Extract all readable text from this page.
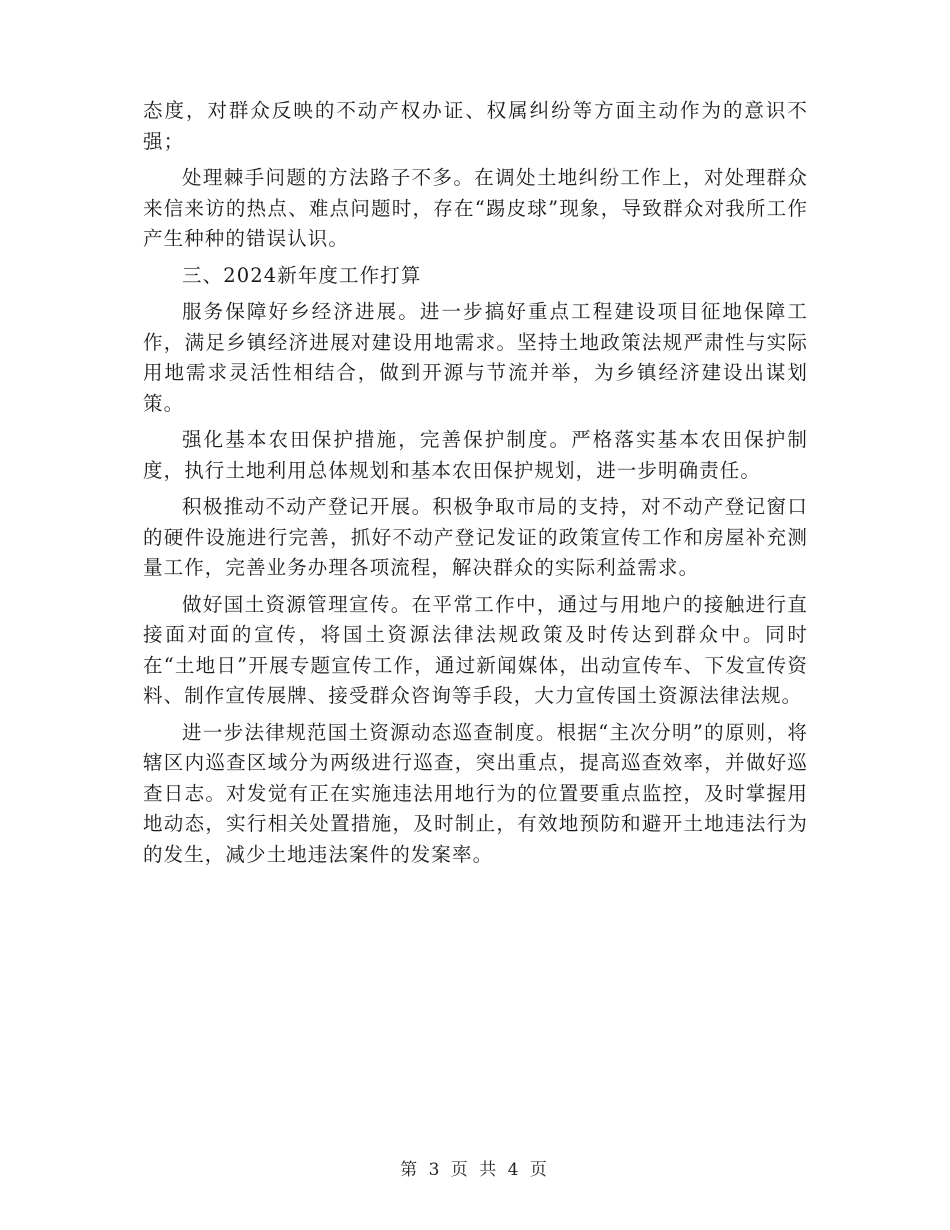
态度，对群众反映的不动产权办证、权属纠纷等方面主动作为的意识不强；

处理棘手问题的方法路子不多。在调处土地纠纷工作上，对处理群众来信来访的热点、难点问题时，存在“踢皮球”现象，导致群众对我所工作产生种种的错误认识。

三、2024新年度工作打算

服务保障好乡经济进展。进一步搞好重点工程建设项目征地保障工作，满足乡镇经济进展对建设用地需求。坚持土地政策法规严肃性与实际用地需求灵活性相结合，做到开源与节流并举，为乡镇经济建设出谋划策。

强化基本农田保护措施，完善保护制度。严格落实基本农田保护制度，执行土地利用总体规划和基本农田保护规划，进一步明确责任。

积极推动不动产登记开展。积极争取市局的支持，对不动产登记窗口的硬件设施进行完善，抓好不动产登记发证的政策宣传工作和房屋补充测量工作，完善业务办理各项流程，解决群众的实际利益需求。

做好国土资源管理宣传。在平常工作中，通过与用地户的接触进行直接面对面的宣传，将国土资源法律法规政策及时传达到群众中。同时在“土地日”开展专题宣传工作，通过新闻媒体，出动宣传车、下发宣传资料、制作宣传展牌、接受群众咨询等手段，大力宣传国土资源法律法规。

进一步法律规范国土资源动态巡查制度。根据“主次分明”的原则，将辖区内巡查区域分为两级进行巡查，突出重点，提高巡查效率，并做好巡查日志。对发觉有正在实施违法用地行为的位置要重点监控，及时掌握用地动态，实行相关处置措施，及时制止，有效地预防和避开土地违法行为的发生，减少土地违法案件的发案率。

第 3 页 共 4 页
